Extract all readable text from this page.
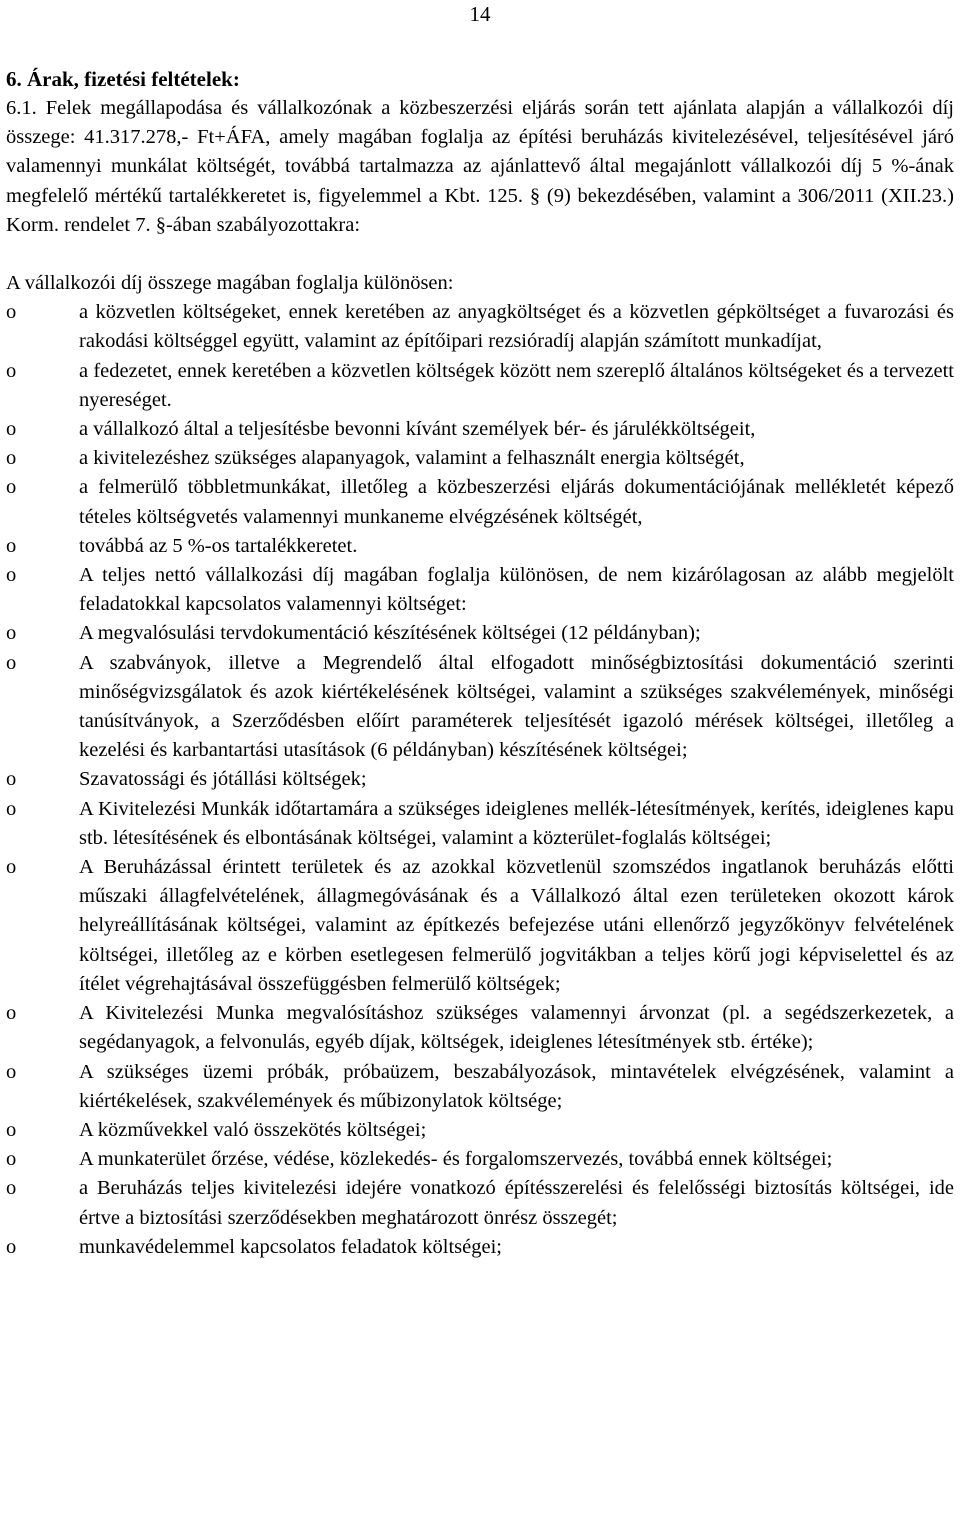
14

6. Árak, fizetési feltételek:

6.1. Felek megállapodása és vállalkozónak a közbeszerzési eljárás során tett ajánlata alapján a vállalkozói díj összege: 41.317.278,- Ft+ÁFA, amely magában foglalja az építési beruházás kivitelezésével, teljesítésével járó valamennyi munkálat költségét, továbbá tartalmazza az ajánlattevő által megajánlott vállalkozói díj 5 %-ának megfelelő mértékű tartalékkeretet is, figyelemmel a Kbt. 125. § (9) bekezdésében, valamint a 306/2011 (XII.23.) Korm. rendelet 7. §-ában szabályozottakra:

A vállalkozói díj összege magában foglalja különösen:

o	a közvetlen költségeket, ennek keretében az anyagköltséget és a közvetlen gépköltséget a fuvarozási és rakodási költséggel együtt, valamint az építőipari rezsióradíj alapján számított munkadíjat,
o	a fedezetet, ennek keretében a közvetlen költségek között nem szereplő általános költségeket és a tervezett nyereséget.
o	a vállalkozó által a teljesítésbe bevonni kívánt személyek bér- és járulékköltségeit,
o	a kivitelezéshez szükséges alapanyagok, valamint a felhasznált energia költségét,
o	a felmerülő többletmunkákat, illetőleg a közbeszerzési eljárás dokumentációjának mellékletét képező tételes költségvetés valamennyi munkaneme elvégzésének költségét,
o	továbbá az 5 %-os tartalékkeretet.
o	A teljes nettó vállalkozási díj magában foglalja különösen, de nem kizárólagosan az alább megjelölt feladatokkal kapcsolatos valamennyi költséget:
o	A megvalósulási tervdokumentáció készítésének költségei (12 példányban);
o	A szabványok, illetve a Megrendelő által elfogadott minőségbiztosítási dokumentáció szerinti minőségvizsgálatok és azok kiértékelésének költségei, valamint a szükséges szakvélemények, minőségi tanúsítványok, a Szerződésben előírt paraméterek teljesítését igazoló mérések költségei, illetőleg a kezelési és karbantartási utasítások (6 példányban) készítésének költségei;
o	Szavatossági és jótállási költségek;
o	A Kivitelezési Munkák időtartamára a szükséges ideiglenes mellék-létesítmények, kerítés, ideiglenes kapu stb. létesítésének és elbontásának költségei, valamint a közterület-foglalás költségei;
o	A Beruházással érintett területek és az azokkal közvetlenül szomszédos ingatlanok beruházás előtti műszaki állagfelvételének, állagmegóvásának és a Vállalkozó által ezen területeken okozott károk helyreállításának költségei, valamint az építkezés befejezése utáni ellenőrző jegyzőkönyv felvételének költségei, illetőleg az e körben esetlegesen felmerülő jogvitákban a teljes körű jogi képviselettel és az ítélet végrehajtásával összefüggésben felmerülő költségek;
o	A Kivitelezési Munka megvalósításhoz szükséges valamennyi árvonzat (pl. a segédszerkezetek, a segédanyagok, a felvonulás, egyéb díjak, költségek, ideiglenes létesítmények stb. értéke);
o	A szükséges üzemi próbák, próbaüzem, beszabályozások, mintavételek elvégzésének, valamint a kiértékelések, szakvélemények és műbizonylatok költsége;
o	A közművekkel való összekötés költségei;
o	A munkaterület őrzése, védése, közlekedés- és forgalomszervezés, továbbá ennek költségei;
o	a Beruházás teljes kivitelezési idejére vonatkozó építésszerelési és felelősségi biztosítás költségei, ide értve a biztosítási szerződésekben meghatározott önrész összegét;
o	munkavédelemmel kapcsolatos feladatok költségei;
